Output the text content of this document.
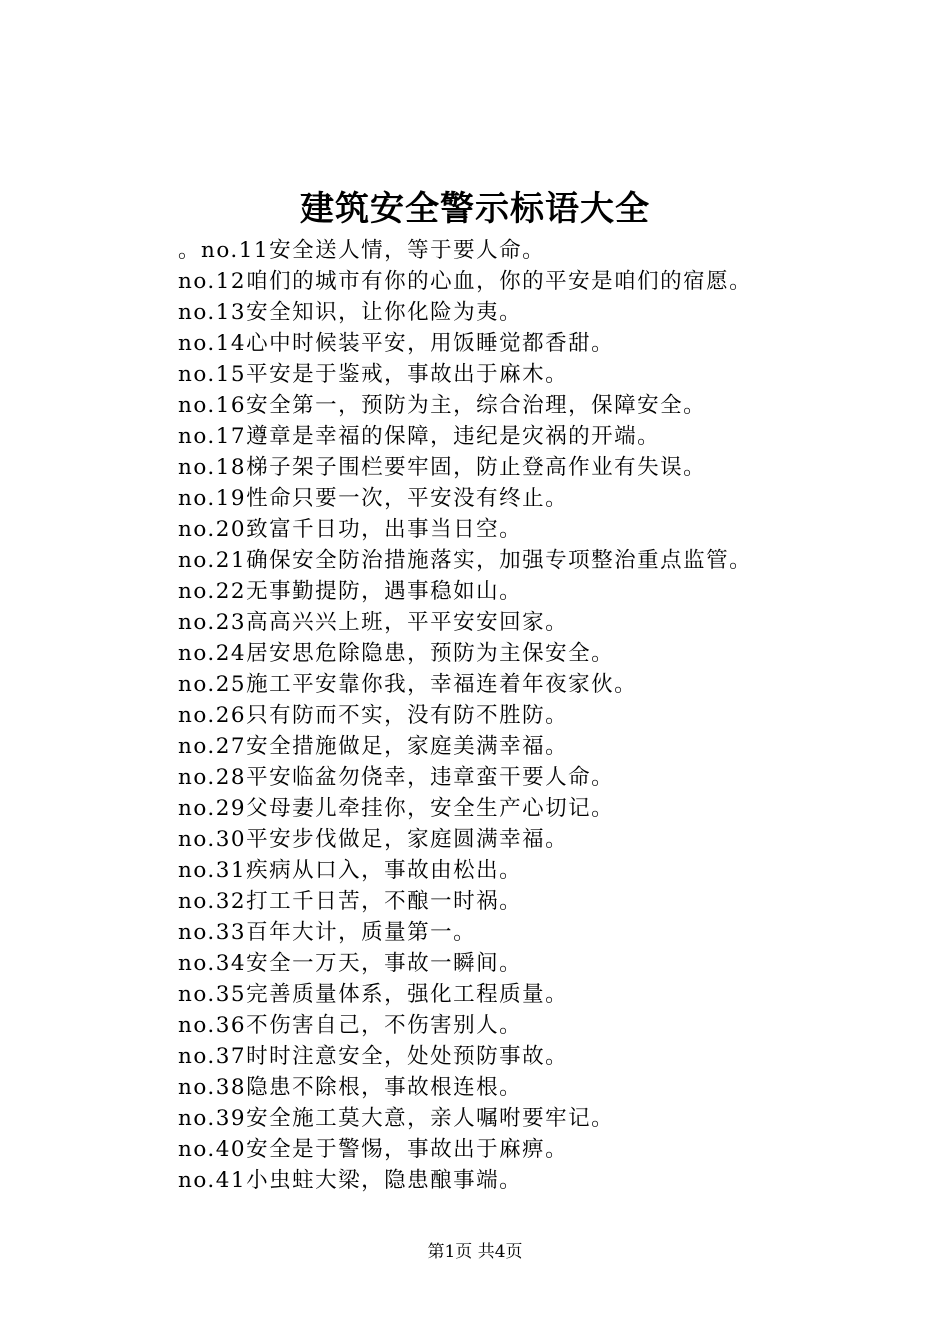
建筑安全警示标语大全
。no.11安全送人情，等于要人命。
no.12咱们的城市有你的心血，你的平安是咱们的宿愿。
no.13安全知识，让你化险为夷。
no.14心中时候装平安，用饭睡觉都香甜。
no.15平安是于鉴戒，事故出于麻木。
no.16安全第一，预防为主，综合治理，保障安全。
no.17遵章是幸福的保障，违纪是灾祸的开端。
no.18梯子架子围栏要牢固，防止登高作业有失误。
no.19性命只要一次，平安没有终止。
no.20致富千日功，出事当日空。
no.21确保安全防治措施落实，加强专项整治重点监管。
no.22无事勤提防，遇事稳如山。
no.23高高兴兴上班，平平安安回家。
no.24居安思危除隐患，预防为主保安全。
no.25施工平安靠你我，幸福连着年夜家伙。
no.26只有防而不实，没有防不胜防。
no.27安全措施做足，家庭美满幸福。
no.28平安临盆勿侥幸，违章蛮干要人命。
no.29父母妻儿牵挂你，安全生产心切记。
no.30平安步伐做足，家庭圆满幸福。
no.31疾病从口入，事故由松出。
no.32打工千日苦，不酿一时祸。
no.33百年大计，质量第一。
no.34安全一万天，事故一瞬间。
no.35完善质量体系，强化工程质量。
no.36不伤害自己，不伤害别人。
no.37时时注意安全，处处预防事故。
no.38隐患不除根，事故根连根。
no.39安全施工莫大意，亲人嘱咐要牢记。
no.40安全是于警惕，事故出于麻痹。
no.41小虫蛀大梁，隐患酿事端。
第1页 共4页
